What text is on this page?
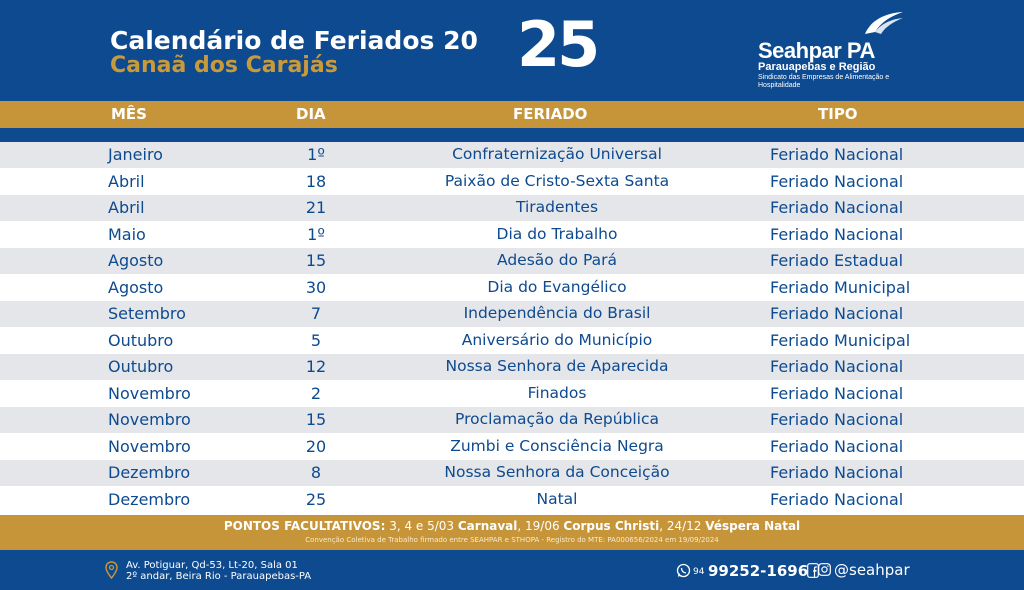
Calendário de Feriados 20 25
Canaã dos Carajás
Seahpar PA
Parauapebas e Região
Sindicato das Empresas de Alimentação e Hospitalidade
MÊS	DIA	FERIADO	TIPO
Janeiro	1º	Confraternização Universal	Feriado Nacional
Abril	18	Paixão de Cristo-Sexta Santa	Feriado Nacional
Abril	21	Tiradentes	Feriado Nacional
Maio	1º	Dia do Trabalho	Feriado Nacional
Agosto	15	Adesão do Pará	Feriado Estadual
Agosto	30	Dia do Evangélico	Feriado Municipal
Setembro	7	Independência do Brasil	Feriado Nacional
Outubro	5	Aniversário do Município	Feriado Municipal
Outubro	12	Nossa Senhora de Aparecida	Feriado Nacional
Novembro	2	Finados	Feriado Nacional
Novembro	15	Proclamação da República	Feriado Nacional
Novembro	20	Zumbi e Consciência Negra	Feriado Nacional
Dezembro	8	Nossa Senhora da Conceição	Feriado Nacional
Dezembro	25	Natal	Feriado Nacional
PONTOS FACULTATIVOS: 3, 4 e 5/03 Carnaval, 19/06 Corpus Christi, 24/12 Véspera Natal
Convenção Coletiva de Trabalho firmado entre SEAHPAR e STHOPA - Registro do MTE: PA000656/2024 em 19/09/2024
Av. Potiguar, Qd-53, Lt-20, Sala 01
2º andar, Beira Rio - Parauapebas-PA	94 99252-1696 @seahpar
